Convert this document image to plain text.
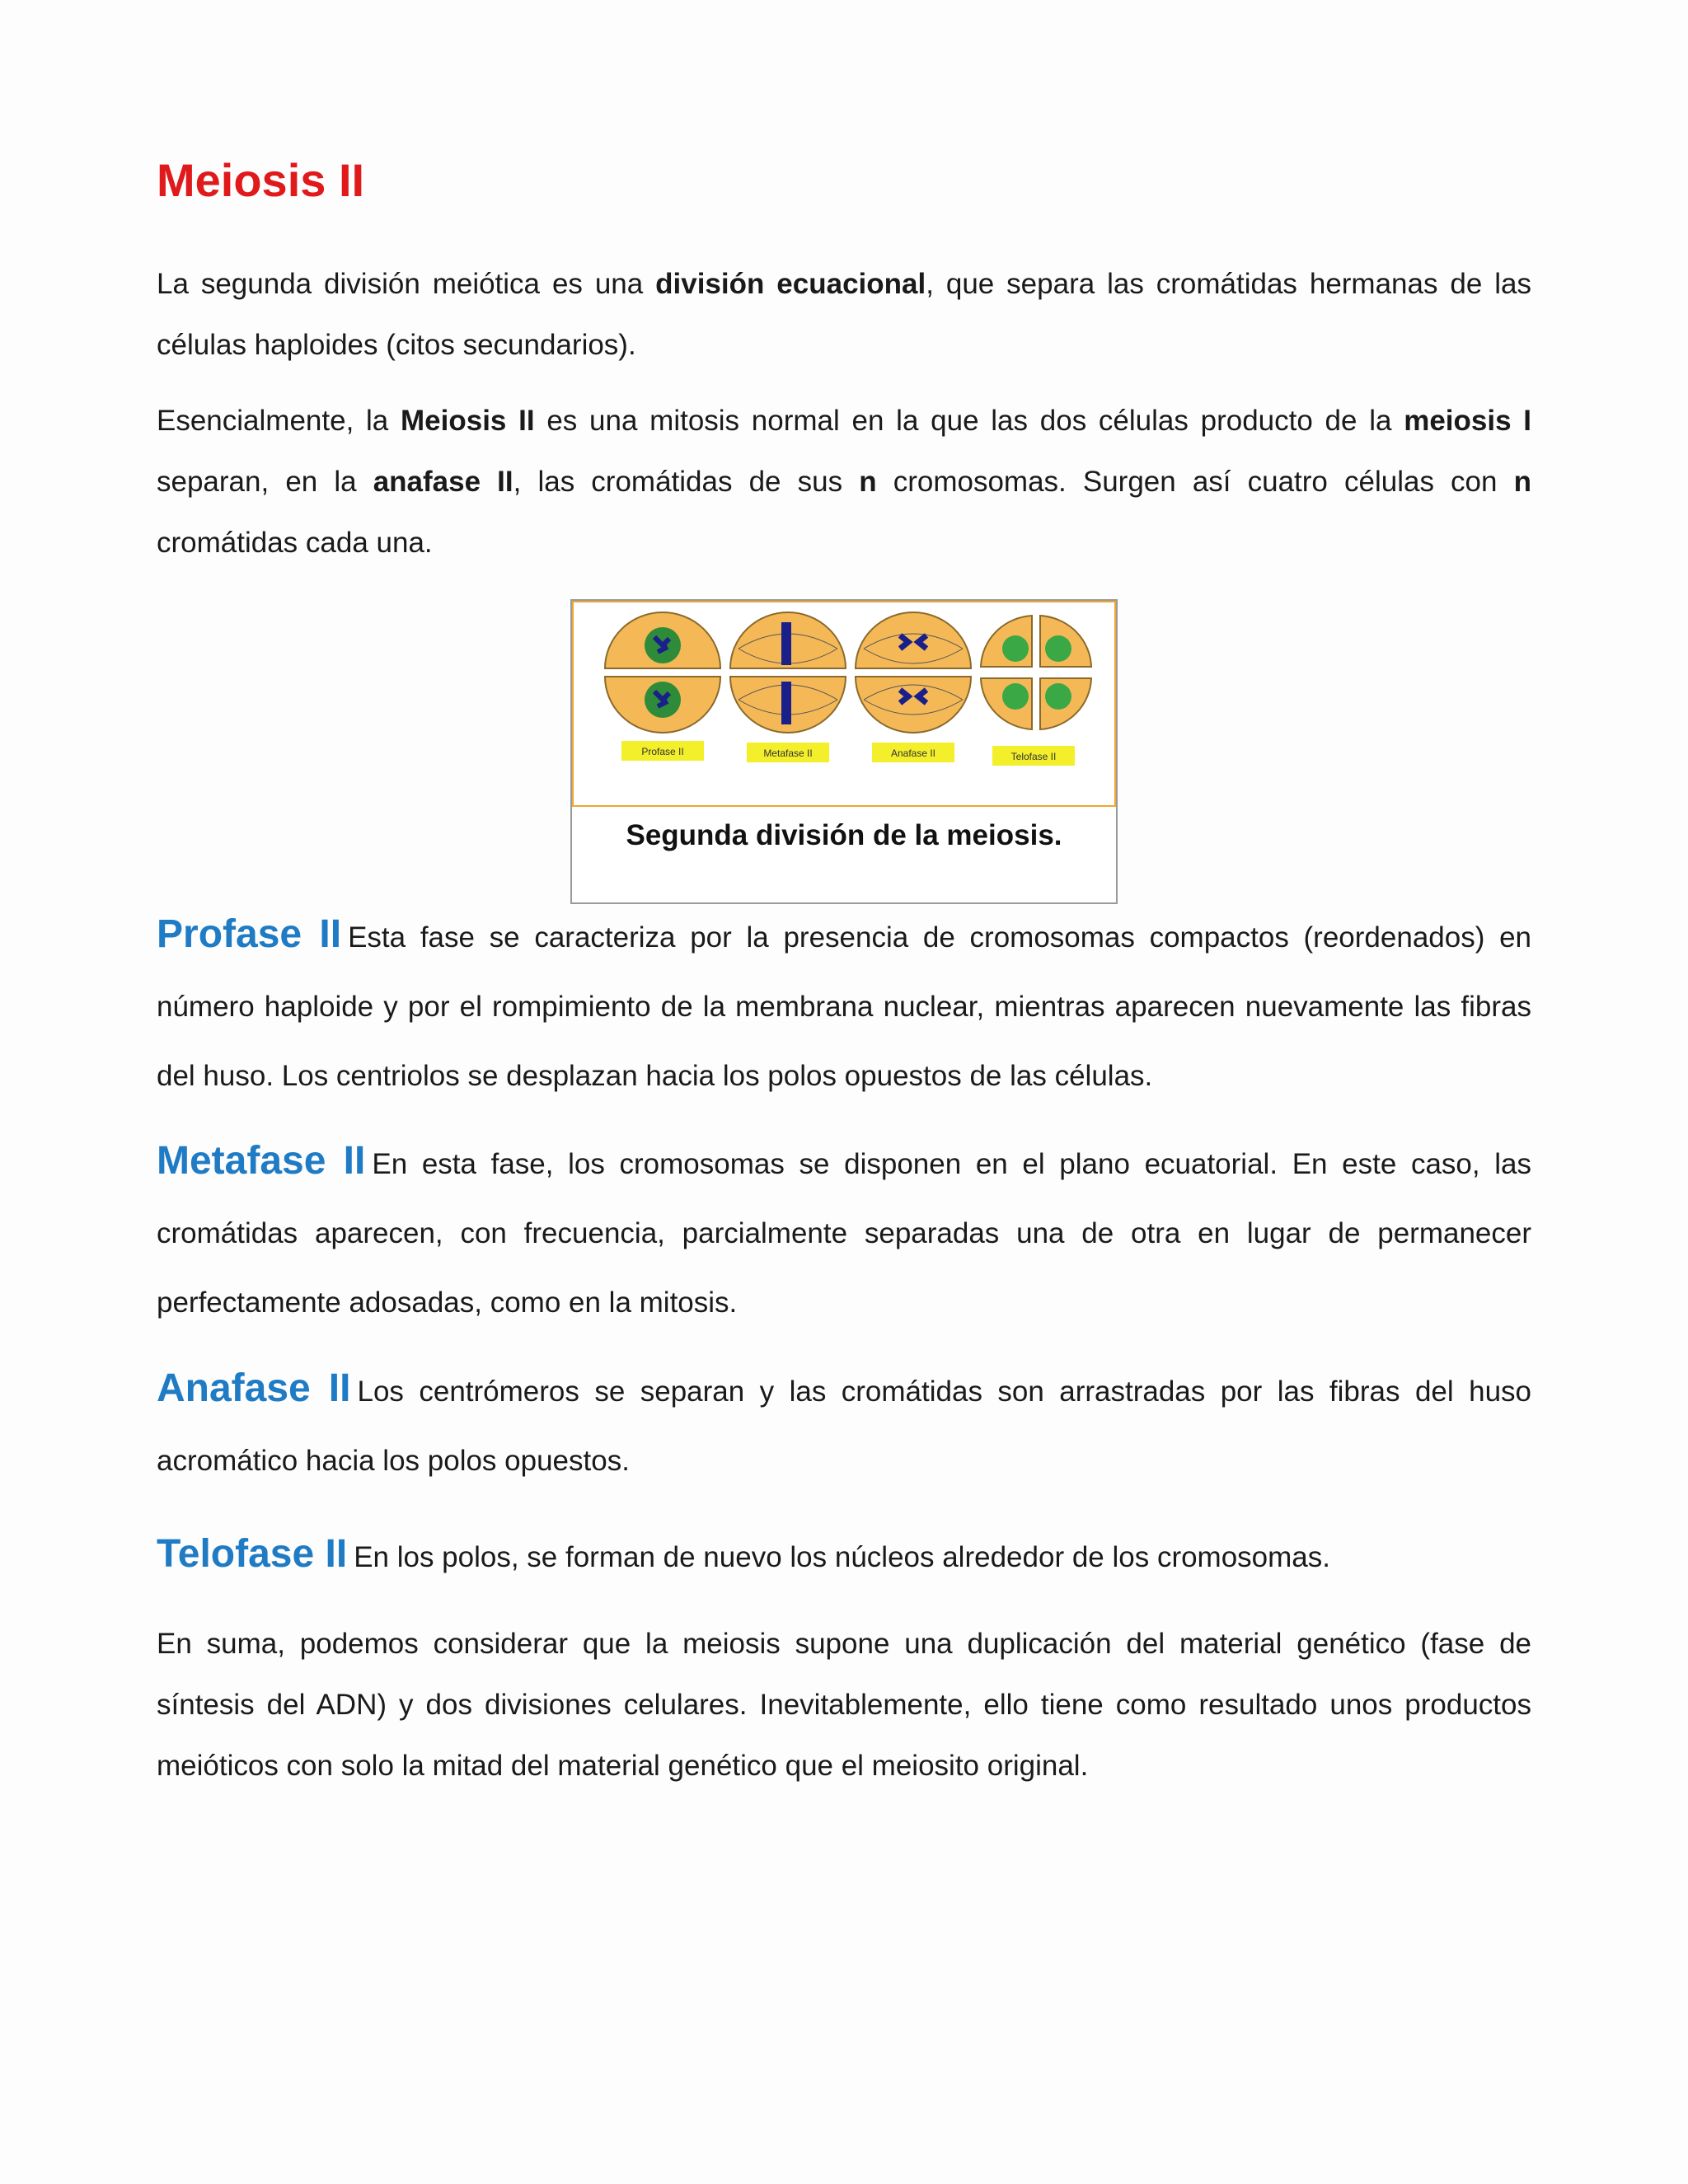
Meiosis II

La segunda división meiótica es una división ecuacional, que separa las cromátidas hermanas de las células haploides (citos secundarios).

Esencialmente, la Meiosis II es una mitosis normal en la que las dos células producto de la meiosis I separan, en la anafase II, las cromátidas de sus n cromosomas. Surgen así cuatro células con n cromátidas cada una.

Profase II	Metafase II	Anafase II	Telofase II
Segunda división de la meiosis.

Profase II Esta fase se caracteriza por la presencia de cromosomas compactos (reordenados) en número haploide y por el rompimiento de la membrana nuclear, mientras aparecen nuevamente las fibras del huso. Los centriolos se desplazan hacia los polos opuestos de las células.

Metafase II En esta fase, los cromosomas se disponen en el plano ecuatorial. En este caso, las cromátidas aparecen, con frecuencia, parcialmente separadas una de otra en lugar de permanecer perfectamente adosadas, como en la mitosis.

Anafase II Los centrómeros se separan y las cromátidas son arrastradas por las fibras del huso acromático hacia los polos opuestos.

Telofase II En los polos, se forman de nuevo los núcleos alrededor de los cromosomas.

En suma, podemos considerar que la meiosis supone una duplicación del material genético (fase de síntesis del ADN) y dos divisiones celulares. Inevitablemente, ello tiene como resultado unos productos meióticos con solo la mitad del material genético que el meiosito original.
